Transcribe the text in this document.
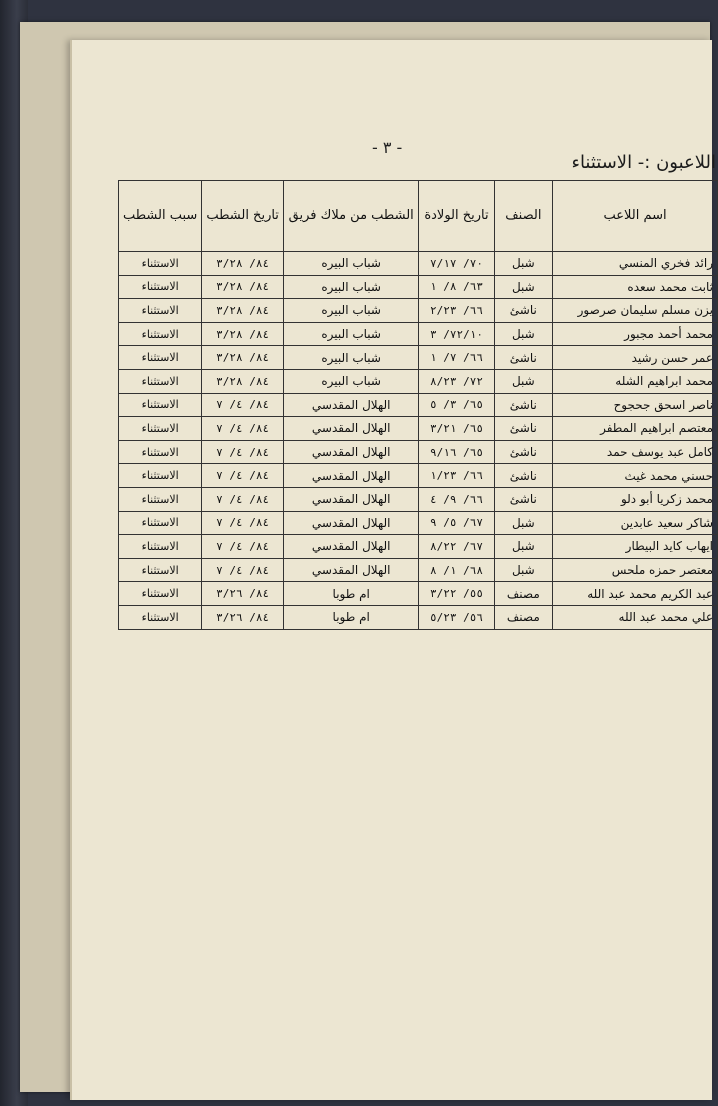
- ٣ -
اللاعبون :- الاستثناء
اسم اللاعب	الصنف	تاريخ الولادة	الشطب من ملاك فريق	تاريخ الشطب	سبب الشطب
رائد فخري المنسي	شبل	٧٠/ ٧/١٧	شباب البيره	٨٤/ ٣/٢٨	الاستثناء
ثابت محمد سعده	شبل	٦٣/ ٨/ ١	شباب البيره	٨٤/ ٣/٢٨	الاستثناء
يزن مسلم سليمان صرصور	ناشئ	٦٦/ ٢/٢٣	شباب البيره	٨٤/ ٣/٢٨	الاستثناء
محمد أحمد مجبور	شبل	٧٢/١٠/ ٣	شباب البيره	٨٤/ ٣/٢٨	الاستثناء
عمر حسن رشيد	ناشئ	٦٦/ ٧/ ١	شباب البيره	٨٤/ ٣/٢٨	الاستثناء
محمد ابراهيم الشله	شبل	٧٢/ ٨/٢٣	شباب البيره	٨٤/ ٣/٢٨	الاستثناء
ناصر اسحق جحجوح	ناشئ	٦٥/ ٣/ ٥	الهلال المقدسي	٨٤/ ٤/ ٧	الاستثناء
معتصم ابراهيم المطفر	ناشئ	٦٥/ ٣/٢١	الهلال المقدسي	٨٤/ ٤/ ٧	الاستثناء
كامل عبد يوسف حمد	ناشئ	٦٥/ ٩/١٦	الهلال المقدسي	٨٤/ ٤/ ٧	الاستثناء
حسني محمد غيث	ناشئ	٦٦/ ١/٢٣	الهلال المقدسي	٨٤/ ٤/ ٧	الاستثناء
محمد زكريا أبو دلو	ناشئ	٦٦/ ٩/ ٤	الهلال المقدسي	٨٤/ ٤/ ٧	الاستثناء
شاكر سعيد عابدين	شبل	٦٧/ ٥/ ٩	الهلال المقدسي	٨٤/ ٤/ ٧	الاستثناء
ايهاب كايد البيطار	شبل	٦٧/ ٨/٢٢	الهلال المقدسي	٨٤/ ٤/ ٧	الاستثناء
معتصر حمزه ملحس	شبل	٦٨/ ١/ ٨	الهلال المقدسي	٨٤/ ٤/ ٧	الاستثناء
عبد الكريم محمد عبد الله	مصنف	٥٥/ ٣/٢٢	ام طوبا	٨٤/ ٣/٢٦	الاستثناء
علي محمد عبد الله	مصنف	٥٦/ ٥/٢٣	ام طوبا	٨٤/ ٣/٢٦	الاستثناء
